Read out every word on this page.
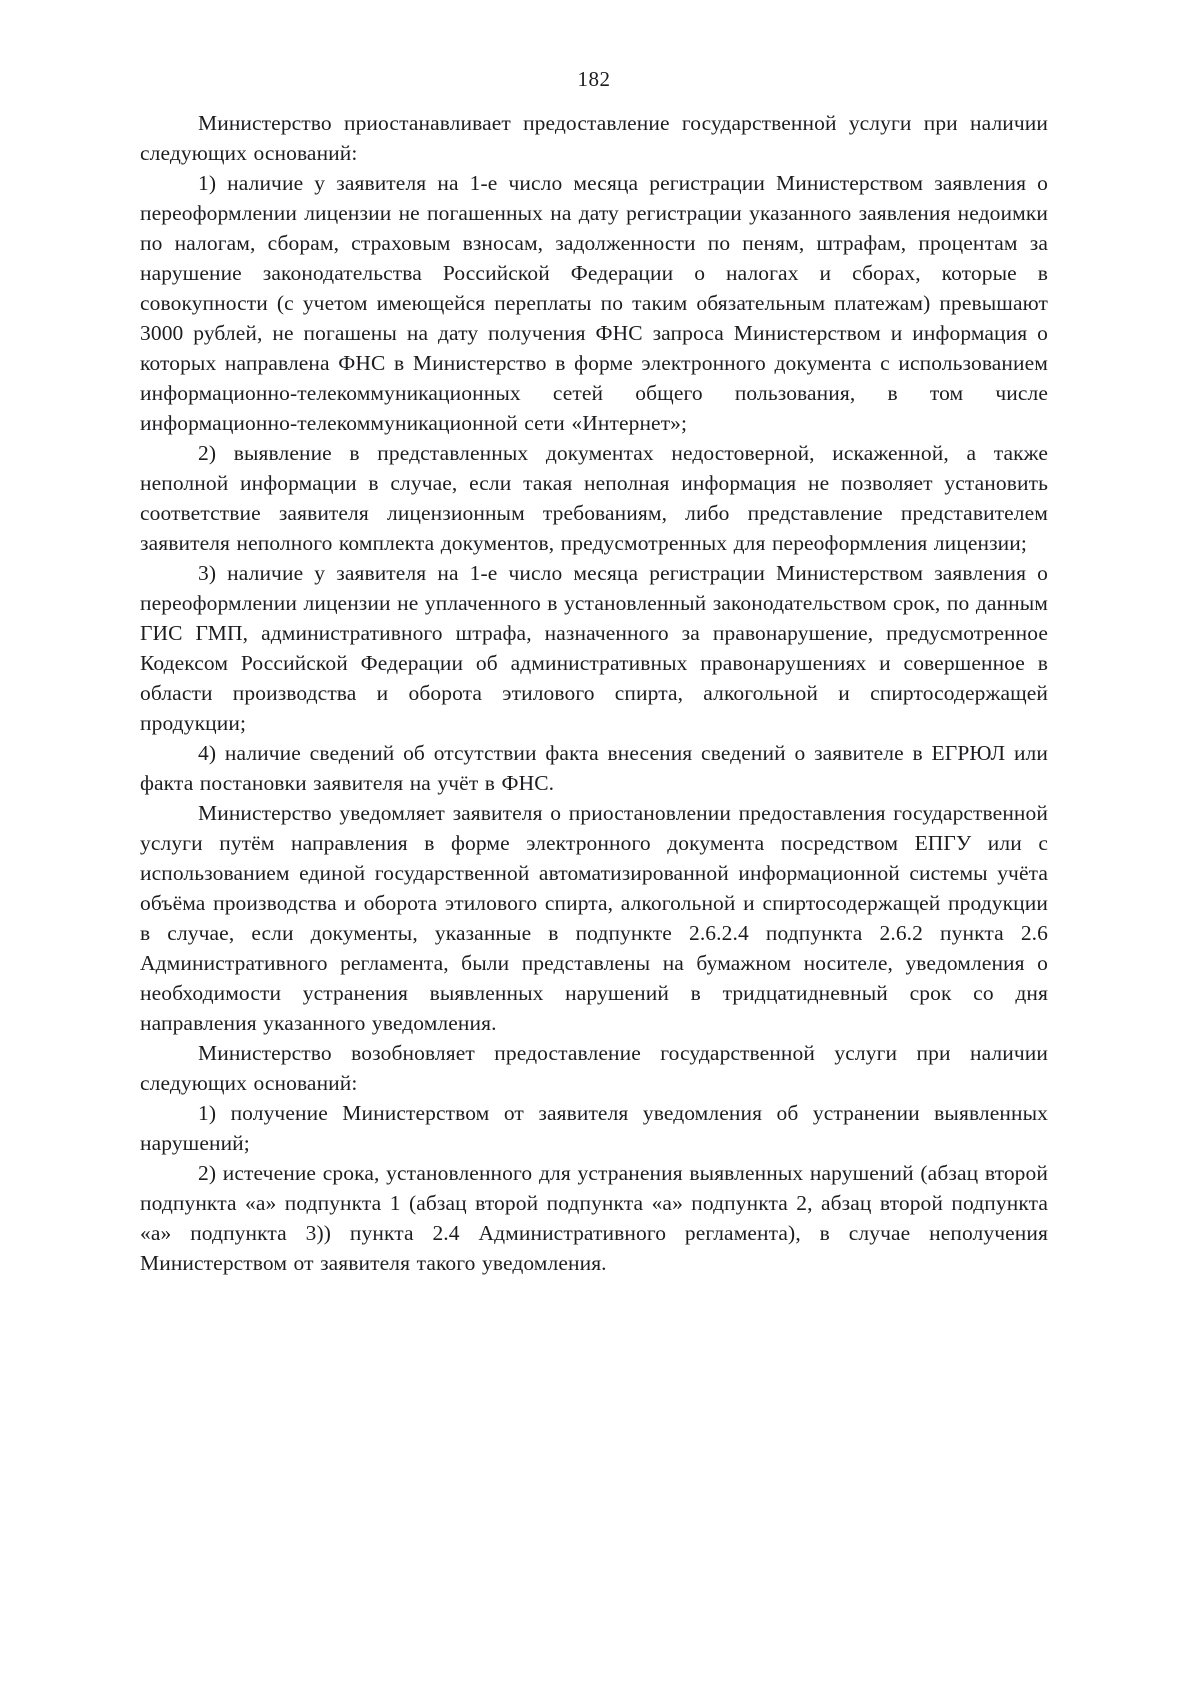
182

Министерство приостанавливает предоставление государственной услуги при наличии следующих оснований:

1) наличие у заявителя на 1-е число месяца регистрации Министерством заявления о переоформлении лицензии не погашенных на дату регистрации указанного заявления недоимки по налогам, сборам, страховым взносам, задолженности по пеням, штрафам, процентам за нарушение законодательства Российской Федерации о налогах и сборах, которые в совокупности (с учетом имеющейся переплаты по таким обязательным платежам) превышают 3000 рублей, не погашены на дату получения ФНС запроса Министерством и информация о которых направлена ФНС в Министерство в форме электронного документа с использованием информационно-телекоммуникационных сетей общего пользования, в том числе информационно-телекоммуникационной сети «Интернет»;

2) выявление в представленных документах недостоверной, искаженной, а также неполной информации в случае, если такая неполная информация не позволяет установить соответствие заявителя лицензионным требованиям, либо представление представителем заявителя неполного комплекта документов, предусмотренных для переоформления лицензии;

3) наличие у заявителя на 1-е число месяца регистрации Министерством заявления о переоформлении лицензии не уплаченного в установленный законодательством срок, по данным ГИС ГМП, административного штрафа, назначенного за правонарушение, предусмотренное Кодексом Российской Федерации об административных правонарушениях и совершенное в области производства и оборота этилового спирта, алкогольной и спиртосодержащей продукции;

4) наличие сведений об отсутствии факта внесения сведений о заявителе в ЕГРЮЛ или факта постановки заявителя на учёт в ФНС.

Министерство уведомляет заявителя о приостановлении предоставления государственной услуги путём направления в форме электронного документа посредством ЕПГУ или с использованием единой государственной автоматизированной информационной системы учёта объёма производства и оборота этилового спирта, алкогольной и спиртосодержащей продукции в случае, если документы, указанные в подпункте 2.6.2.4 подпункта 2.6.2 пункта 2.6 Административного регламента, были представлены на бумажном носителе, уведомления о необходимости устранения выявленных нарушений в тридцатидневный срок со дня направления указанного уведомления.

Министерство возобновляет предоставление государственной услуги при наличии следующих оснований:

1) получение Министерством от заявителя уведомления об устранении выявленных нарушений;

2) истечение срока, установленного для устранения выявленных нарушений (абзац второй подпункта «а» подпункта 1 (абзац второй подпункта «а» подпункта 2, абзац второй подпункта «а» подпункта 3)) пункта 2.4 Административного регламента), в случае неполучения Министерством от заявителя такого уведомления.
